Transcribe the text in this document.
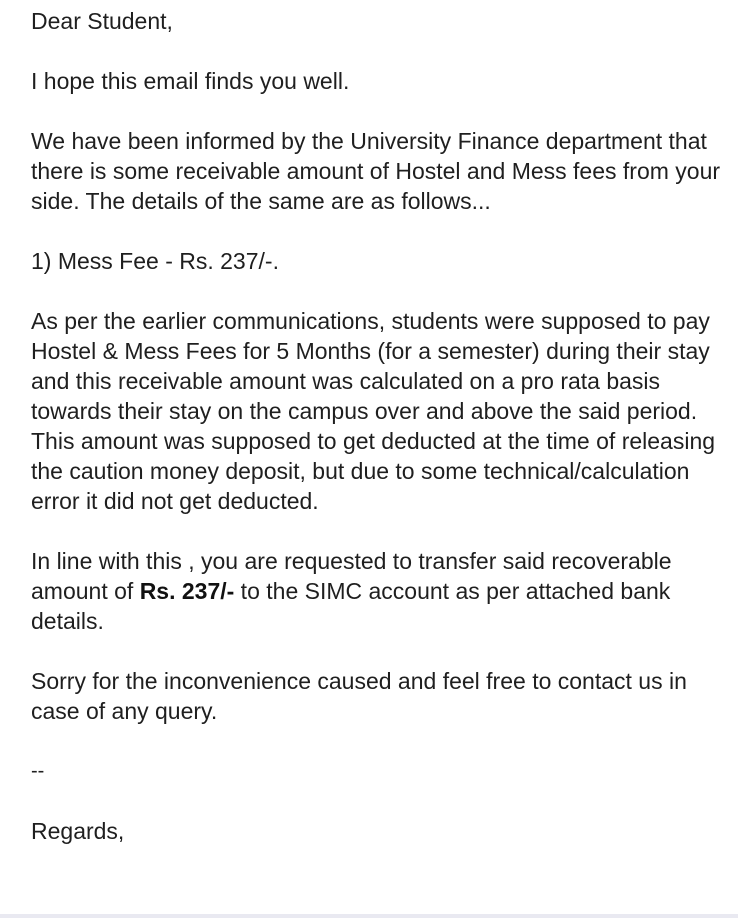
Dear Student,

I hope this email finds you well.

We have been informed by the University Finance department that there is some receivable amount of Hostel and Mess fees from your side. The details of the same are as follows...

1) Mess Fee - Rs. 237/-.

As per the earlier communications, students were supposed to pay Hostel & Mess Fees for 5 Months (for a semester) during their stay and this receivable amount was calculated on a pro rata basis towards their stay on the campus over and above the said period. This amount was supposed to get deducted at the time of releasing the caution money deposit, but due to some technical/calculation error it did not get deducted.

In line with this , you are requested to transfer said recoverable amount of Rs. 237/- to the SIMC account as per attached bank details.

Sorry for the inconvenience caused and feel free to contact us in case of any query.

--

Regards,
